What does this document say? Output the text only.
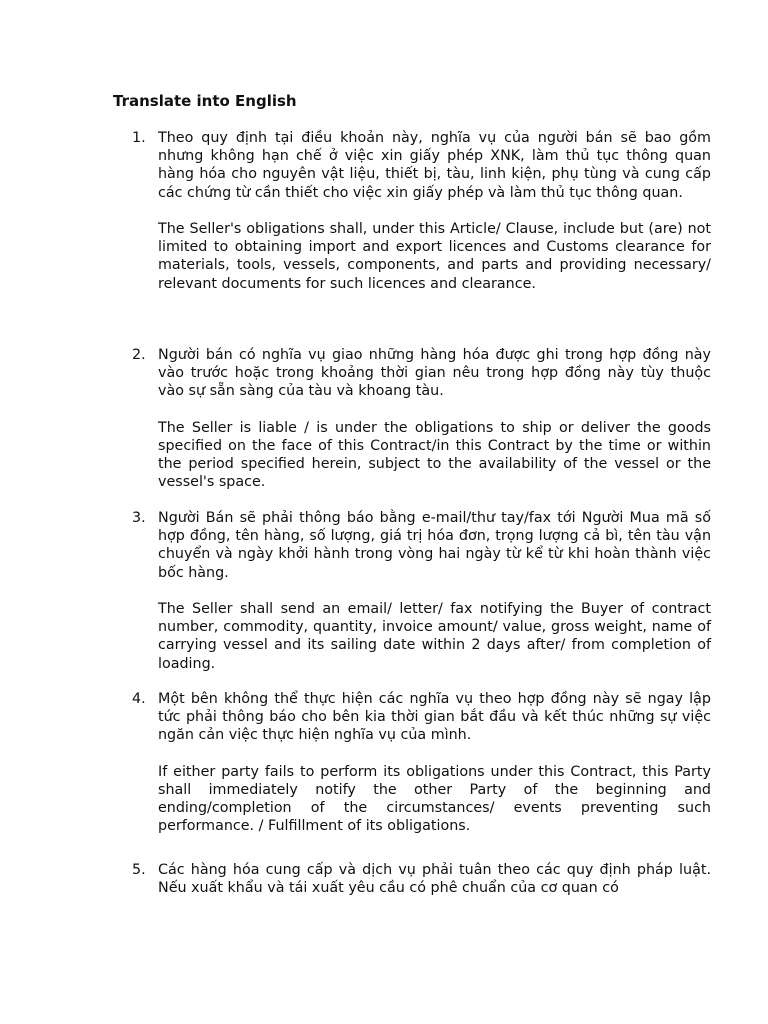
Translate into English
1. Theo quy định tại điều khoản này, nghĩa vụ của người bán sẽ bao gồm nhưng không hạn chế ở việc xin giấy phép XNK, làm thủ tục thông quan hàng hóa cho nguyên vật liệu, thiết bị, tàu, linh kiện, phụ tùng và cung cấp các chứng từ cần thiết cho việc xin giấy phép và làm thủ tục thông quan.

The Seller's obligations shall, under this Article/ Clause, include but (are) not limited to obtaining import and export licences and Customs clearance for materials, tools, vessels, components, and parts and providing necessary/ relevant documents for such licences and clearance.

2. Người bán có nghĩa vụ giao những hàng hóa được ghi trong hợp đồng này vào trước hoặc trong khoảng thời gian nêu trong hợp đồng này tùy thuộc vào sự sẵn sàng của tàu và khoang tàu.

The Seller is liable / is under the obligations to ship or deliver the goods specified on the face of this Contract/in this Contract by the time or within the period specified herein, subject to the availability of the vessel or the vessel's space.

3. Người Bán sẽ phải thông báo bằng e-mail/thư tay/fax tới Người Mua mã số hợp đồng, tên hàng, số lượng, giá trị hóa đơn, trọng lượng cả bì, tên tàu vận chuyển và ngày khởi hành trong vòng hai ngày từ kể từ khi hoàn thành việc bốc hàng.

The Seller shall send an email/ letter/ fax notifying the Buyer of contract number, commodity, quantity, invoice amount/ value, gross weight, name of carrying vessel and its sailing date within 2 days after/ from completion of loading.

4. Một bên không thể thực hiện các nghĩa vụ theo hợp đồng này sẽ ngay lập tức phải thông báo cho bên kia thời gian bắt đầu và kết thúc những sự việc ngăn cản việc thực hiện nghĩa vụ của mình.

If either party fails to perform its obligations under this Contract, this Party shall immediately notify the other Party of the beginning and ending/completion of the circumstances/ events preventing such performance. / Fulfillment of its obligations.

5. Các hàng hóa cung cấp và dịch vụ phải tuân theo các quy định pháp luật. Nếu xuất khẩu và tái xuất yêu cầu có phê chuẩn của cơ quan có
